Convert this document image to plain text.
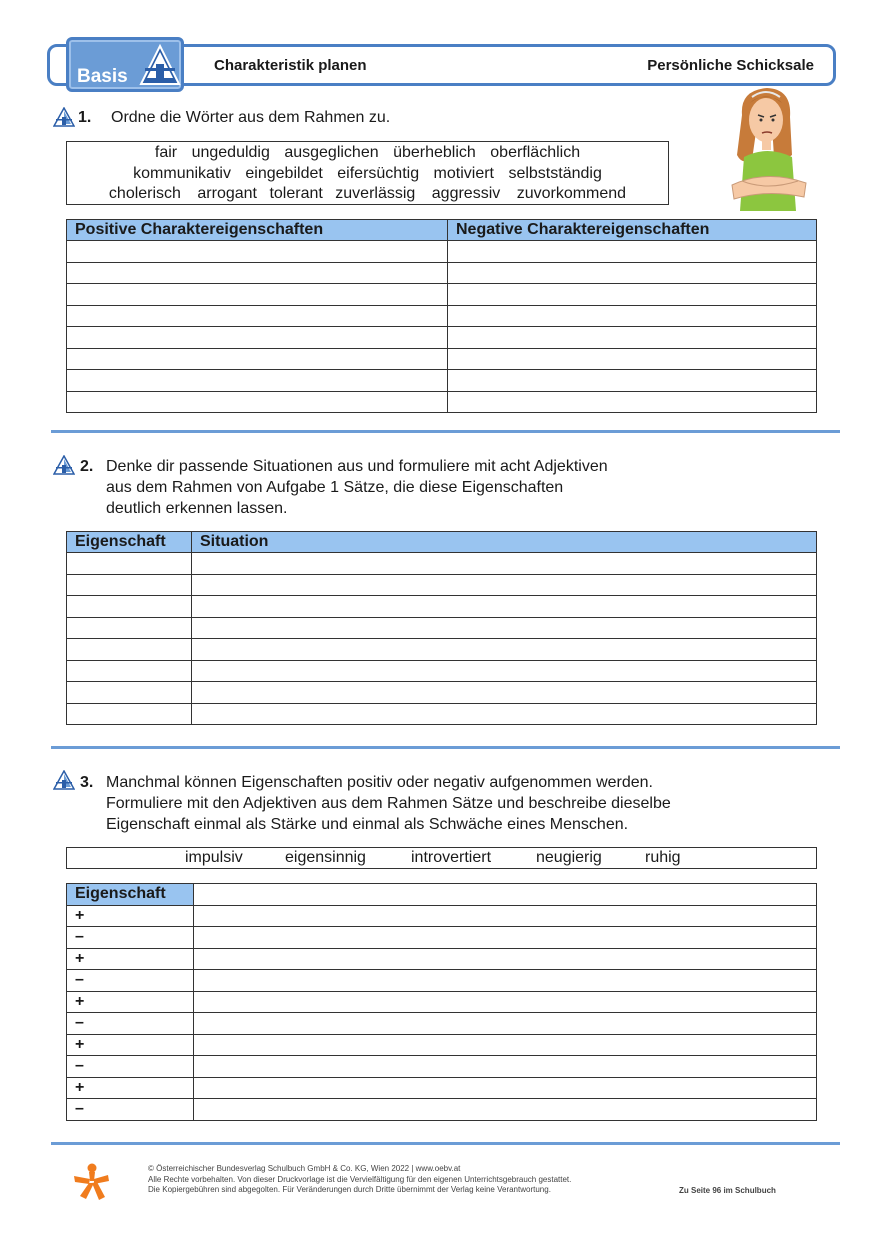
Basis
Charakteristik planen	Persönliche Schicksale
1. Ordne die Wörter aus dem Rahmen zu.
fair ungeduldig ausgeglichen überheblich oberflächlich
kommunikativ eingebildet eifersüchtig motiviert selbstständig
cholerisch arrogant tolerant zuverlässig aggressiv zuvorkommend
Positive Charaktereigenschaften	Negative Charaktereigenschaften

2. Denke dir passende Situationen aus und formuliere mit acht Adjektiven
aus dem Rahmen von Aufgabe 1 Sätze, die diese Eigenschaften
deutlich erkennen lassen.
Eigenschaft	Situation

3. Manchmal können Eigenschaften positiv oder negativ aufgenommen werden.
Formuliere mit den Adjektiven aus dem Rahmen Sätze und beschreibe dieselbe
Eigenschaft einmal als Stärke und einmal als Schwäche eines Menschen.
impulsiv	eigensinnig	introvertiert	neugierig	ruhig
Eigenschaft	
+	
–	
+	
–	
+	
–	
+	
–	
+	
–	
© Österreichischer Bundesverlag Schulbuch GmbH & Co. KG, Wien 2022 | www.oebv.at
Alle Rechte vorbehalten. Von dieser Druckvorlage ist die Vervielfältigung für den eigenen Unterrichtsgebrauch gestattet.
Die Kopiergebühren sind abgegolten. Für Veränderungen durch Dritte übernimmt der Verlag keine Verantwortung.	Zu Seite 96 im Schulbuch
